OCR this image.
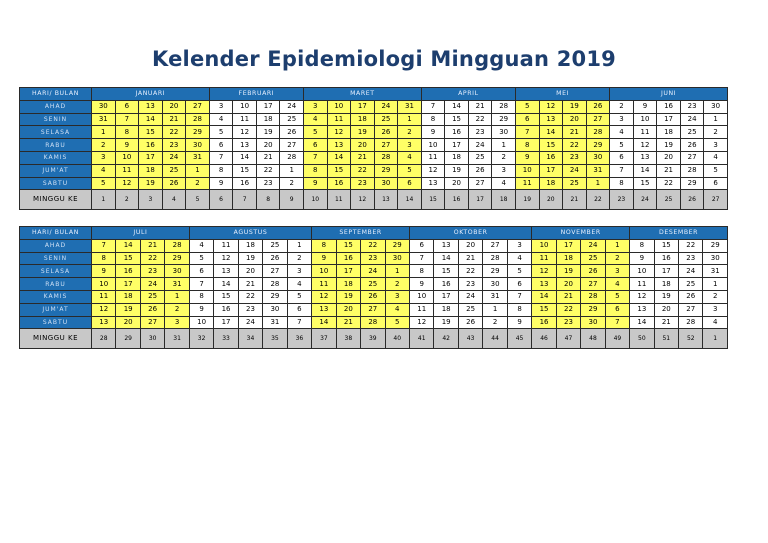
Kelender Epidemiologi Mingguan 2019
HARI/ BULAN	JANUARI					FEBRUARI				MARET					APRIL				MEI				JUNI				
AHAD	30	6	13	20	27	3	10	17	24	3	10	17	24	31	7	14	21	28	5	12	19	26	2	9	16	23	30
SENIN	31	7	14	21	28	4	11	18	25	4	11	18	25	1	8	15	22	29	6	13	20	27	3	10	17	24	1
SELASA	1	8	15	22	29	5	12	19	26	5	12	19	26	2	9	16	23	30	7	14	21	28	4	11	18	25	2
RABU	2	9	16	23	30	6	13	20	27	6	13	20	27	3	10	17	24	1	8	15	22	29	5	12	19	26	3
KAMIS	3	10	17	24	31	7	14	21	28	7	14	21	28	4	11	18	25	2	9	16	23	30	6	13	20	27	4
JUM'AT	4	11	18	25	1	8	15	22	1	8	15	22	29	5	12	19	26	3	10	17	24	31	7	14	21	28	5
SABTU	5	12	19	26	2	9	16	23	2	9	16	23	30	6	13	20	27	4	11	18	25	1	8	15	22	29	6
MINGGU KE	1	2	3	4	5	6	7	8	9	10	11	12	13	14	15	16	17	18	19	20	21	22	23	24	25	26	27
HARI/ BULAN	JULI				AGUSTUS					SEPTEMBER				OKTOBER					NOVEMBER				DESEMBER			
AHAD	7	14	21	28	4	11	18	25	1	8	15	22	29	6	13	20	27	3	10	17	24	1	8	15	22	29
SENIN	8	15	22	29	5	12	19	26	2	9	16	23	30	7	14	21	28	4	11	18	25	2	9	16	23	30
SELASA	9	16	23	30	6	13	20	27	3	10	17	24	1	8	15	22	29	5	12	19	26	3	10	17	24	31
RABU	10	17	24	31	7	14	21	28	4	11	18	25	2	9	16	23	30	6	13	20	27	4	11	18	25	1
KAMIS	11	18	25	1	8	15	22	29	5	12	19	26	3	10	17	24	31	7	14	21	28	5	12	19	26	2
JUM'AT	12	19	26	2	9	16	23	30	6	13	20	27	4	11	18	25	1	8	15	22	29	6	13	20	27	3
SABTU	13	20	27	3	10	17	24	31	7	14	21	28	5	12	19	26	2	9	16	23	30	7	14	21	28	4
MINGGU KE	28	29	30	31	32	33	34	35	36	37	38	39	40	41	42	43	44	45	46	47	48	49	50	51	52	1
